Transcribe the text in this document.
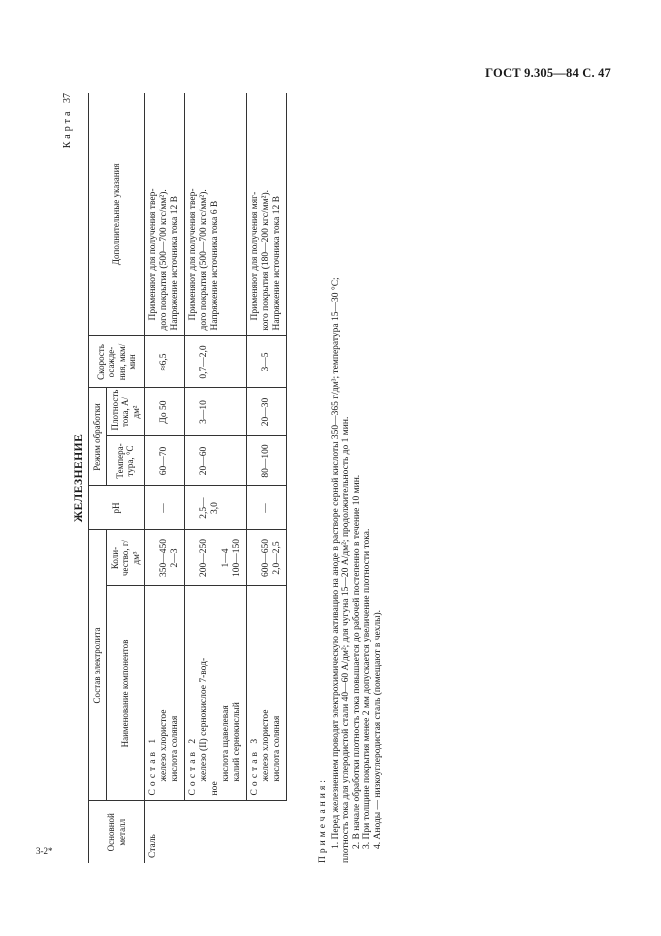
ГОСТ 9.305—84 С. 47
3-2*
Карта 37
ЖЕЛЕЗНЕНИЕ
Основной металл	Состав электролита		pH	Режим обработки		Скорость осажде-ния, мкм/мин	Дополнительные указания
	Наименование компонентов	Коли-чество, г/дм³		Темпера-тура, °С	Плотность тока, А/дм²		
Сталь	Состав 1 железо хлористое кислота соляная	350—450 2—3	—	60—70	До 50	≈6,5	Применяют для получения твер- дого покрытия (500—700 кгс/мм²). Напряжение источника тока 12 В

	Состав 2 железо (II) сернокислое 7-вод-
ное
кислота щавелевая калий сернокислый	200—250 1—4 100—150	2,5—3,0	20—60	3—10	0,7—2,0	Применяют для получения твер- дого покрытия (500—700 кгс/мм²). Напряжение источника тока 6 В

	Состав 3 железо хлористое кислота соляная	600—650 2,0—2,5	—	80—100	20—30	3—5	Применяют для получения мяг- кого покрытия (180—200 кгс/мм²). Напряжение источника тока 12 В
Примечания: 1. Перед железнением проводят электрохимическую активацию на аноде в растворе серной кислоты 350—365 г/дм³; температура 15—30 °С; плотность тока для углеродистой стали 40—60 А/дм²; для чугуна 15—20 А/дм²; продолжительность до 1 мин. 2. В начале обработки плотность тока повышается до рабочей постепенно в течение 10 мин. 3. При толщине покрытия менее 2 мм допускается увеличение плотности тока. 4. Аноды — низкоуглеродистая сталь (помещают в чехлы).
